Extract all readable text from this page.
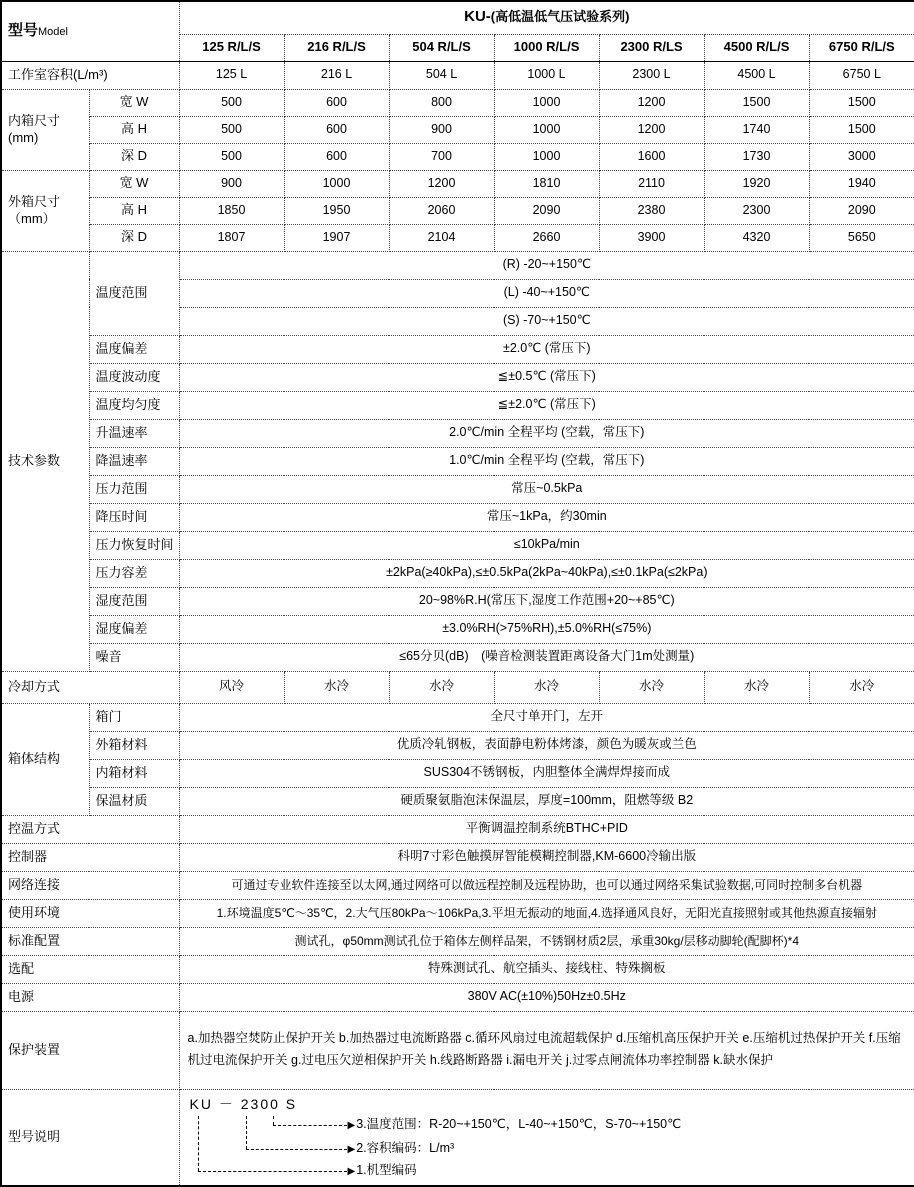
型号Model		KU-(高低温低气压试验系列)						
		125 R/L/S	216 R/L/S	504 R/L/S	1000 R/L/S	2300 R/LS	4500 R/L/S	6750 R/L/S
工作室容积(L/m³)		125 L	216 L	504 L	1000 L	2300 L	4500 L	6750 L

内箱尺寸
(mm)	宽 W	500	600	800	1000	1200	1500	1500
	高 H	500	600	900	1000	1200	1740	1500
	深 D	500	600	700	1000	1600	1730	3000

外箱尺寸
（mm）	宽 W	900	1000	1200	1810	2110	1920	1940
	高 H	1850	1950	2060	2090	2380	2300	2090
	深 D	1807	1907	2104	2660	3900	4320	5650
技术参数	温度范围	(R) -20~+150℃						
		(L) -40~+150℃						
		(S) -70~+150℃						
	温度偏差	±2.0℃ (常压下)						
	温度波动度	≦±0.5℃ (常压下)						
	温度均匀度	≦±2.0℃ (常压下)						
	升温速率	2.0℃/min 全程平均 (空载，常压下)						
	降温速率	1.0℃/min 全程平均 (空载，常压下)						
	压力范围	常压~0.5kPa						
	降压时间	常压~1kPa，约30min						
	压力恢复时间	≤10kPa/min						
	压力容差	±2kPa(≥40kPa),≤±0.5kPa(2kPa~40kPa),≤±0.1kPa(≤2kPa)						
	湿度范围	20~98%R.H(常压下,湿度工作范围+20~+85℃)						
	湿度偏差	±3.0%RH(>75%RH),±5.0%RH(≤75%)						
	噪音	≤65分贝(dB)　(噪音检测装置距离设备大门1m处测量)						
冷却方式		风冷	水冷	水冷	水冷	水冷	水冷	水冷
箱体结构	箱门	全尺寸单开门，左开						
	外箱材料	优质冷轧钢板，表面静电粉体烤漆，颜色为暖灰或兰色						
	内箱材料	SUS304不锈钢板，内胆整体全满焊焊接而成						
	保温材质	硬质聚氨脂泡沫保温层，厚度=100mm，阻燃等级 B2						
控温方式		平衡调温控制系统BTHC+PID						
控制器		科明7寸彩色触摸屏智能模糊控制器,KM-6600冷输出版						
网络连接		可通过专业软件连接至以太网,通过网络可以做远程控制及远程协助，也可以通过网络采集试验数据,可同时控制多台机器						
使用环境		1.环境温度5℃～35℃，2.大气压80kPa～106kPa,3.平坦无振动的地面,4.选择通风良好，无阳光直接照射或其他热源直接辐射						
标准配置		测试孔，φ50mm测试孔位于箱体左侧样品架，不锈钢材质2层，承重30kg/层移动脚轮(配脚杯)*4						
选配		特殊测试孔、航空插头、接线柱、特殊搁板						
电源		380V AC(±10%)50Hz±0.5Hz						
保护装置		a.加热器空焚防止保护开关 b.加热器过电流断路器 c.循环风扇过电流超载保护 d.压缩机高压保护开关 e.压缩机过热保护开关 f.压缩机过电流保护开关 g.过电压欠逆相保护开关 h.线路断路器 i.漏电开关 j.过零点闸流体功率控制器 k.缺水保护						
型号说明		KU － 2300 S
▶3.温度范围：R-20~+150℃，L-40~+150℃，S-70~+150℃
▶2.容积编码：L/m³
▶1.机型编码						
